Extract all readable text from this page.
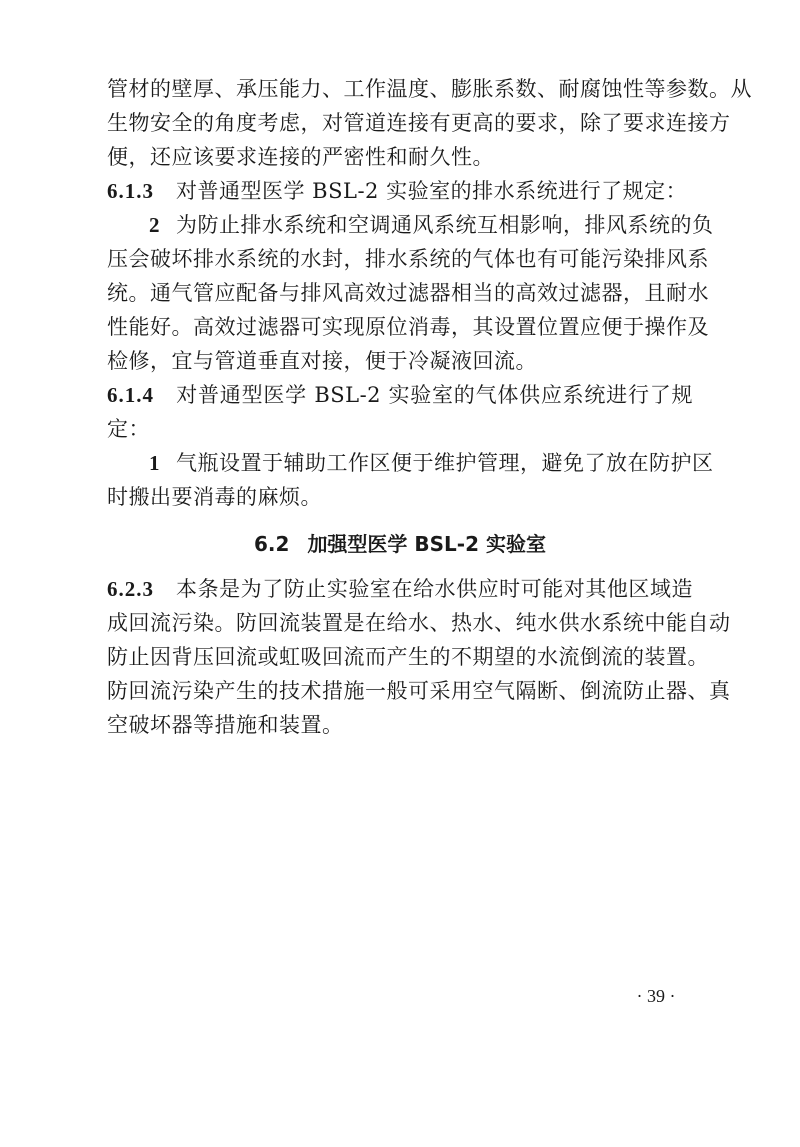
管材的壁厚、承压能力、工作温度、膨胀系数、耐腐蚀性等参数。从
生物安全的角度考虑，对管道连接有更高的要求，除了要求连接方
便，还应该要求连接的严密性和耐久性。
6.1.3 对普通型医学 BSL-2 实验室的排水系统进行了规定：
2 为防止排水系统和空调通风系统互相影响，排风系统的负
压会破坏排水系统的水封，排水系统的气体也有可能污染排风系
统。通气管应配备与排风高效过滤器相当的高效过滤器，且耐水
性能好。高效过滤器可实现原位消毒，其设置位置应便于操作及
检修，宜与管道垂直对接，便于冷凝液回流。
6.1.4 对普通型医学 BSL-2 实验室的气体供应系统进行了规
定：
1 气瓶设置于辅助工作区便于维护管理，避免了放在防护区
时搬出要消毒的麻烦。
6.2 加强型医学 BSL-2 实验室
6.2.3 本条是为了防止实验室在给水供应时可能对其他区域造
成回流污染。防回流装置是在给水、热水、纯水供水系统中能自动
防止因背压回流或虹吸回流而产生的不期望的水流倒流的装置。
防回流污染产生的技术措施一般可采用空气隔断、倒流防止器、真
空破坏器等措施和装置。
· 39 ·
